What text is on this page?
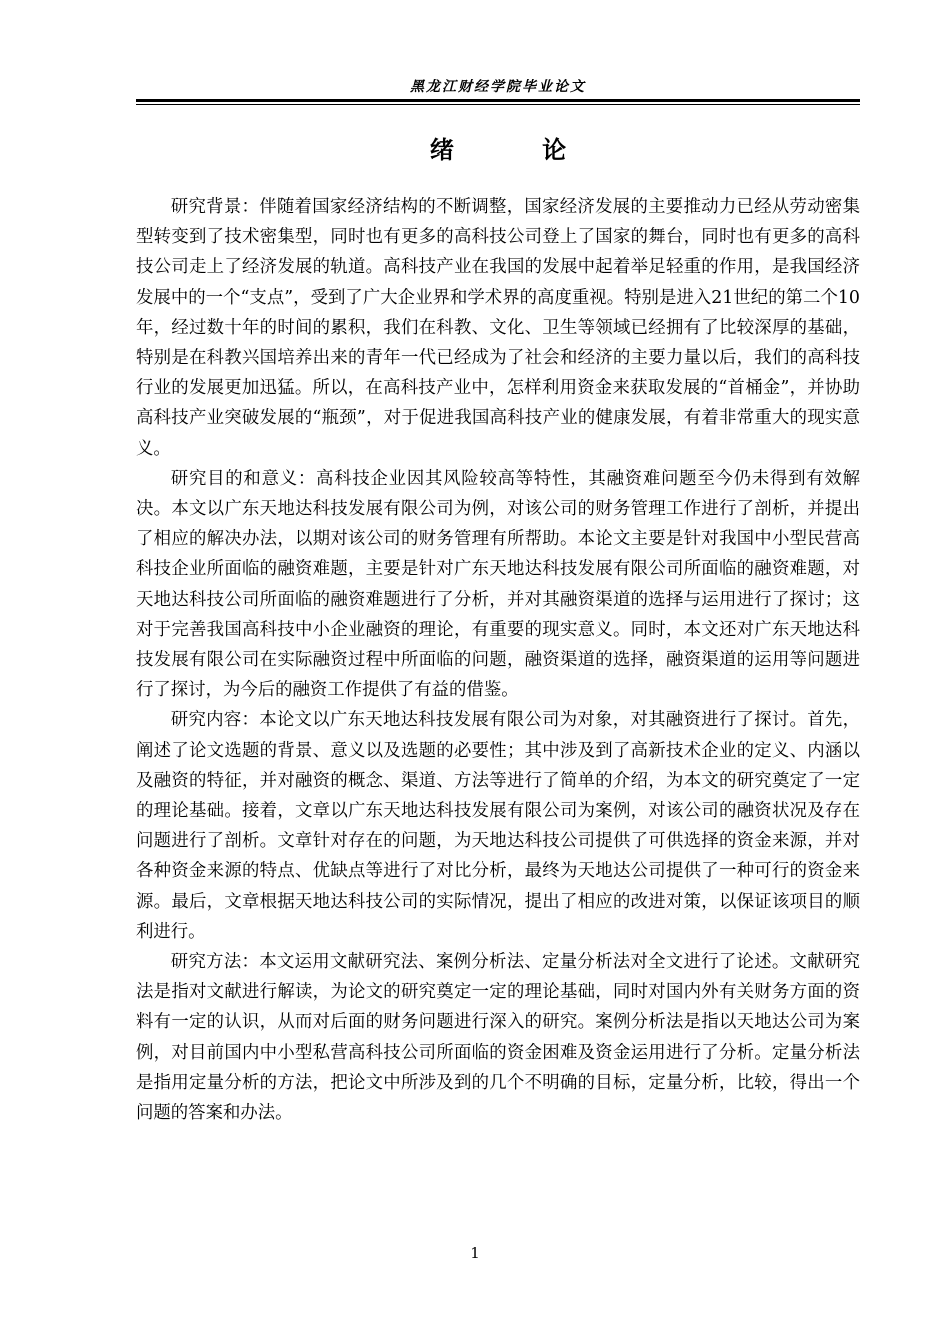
黑龙江财经学院毕业论文
绪 论

研究背景：伴随着国家经济结构的不断调整，国家经济发展的主要推动力已经从劳动密集型转变到了技术密集型，同时也有更多的高科技公司登上了国家的舞台，同时也有更多的高科技公司走上了经济发展的轨道。高科技产业在我国的发展中起着举足轻重的作用，是我国经济发展中的一个“支点”，受到了广大企业界和学术界的高度重视。特别是进入21世纪的第二个10年，经过数十年的时间的累积，我们在科教、文化、卫生等领域已经拥有了比较深厚的基础，特别是在科教兴国培养出来的青年一代已经成为了社会和经济的主要力量以后，我们的高科技行业的发展更加迅猛。所以，在高科技产业中，怎样利用资金来获取发展的“首桶金”，并协助高科技产业突破发展的“瓶颈”，对于促进我国高科技产业的健康发展，有着非常重大的现实意义。

研究目的和意义：高科技企业因其风险较高等特性，其融资难问题至今仍未得到有效解决。本文以广东天地达科技发展有限公司为例，对该公司的财务管理工作进行了剖析，并提出了相应的解决办法，以期对该公司的财务管理有所帮助。本论文主要是针对我国中小型民营高科技企业所面临的融资难题，主要是针对广东天地达科技发展有限公司所面临的融资难题，对天地达科技公司所面临的融资难题进行了分析，并对其融资渠道的选择与运用进行了探讨；这对于完善我国高科技中小企业融资的理论，有重要的现实意义。同时，本文还对广东天地达科技发展有限公司在实际融资过程中所面临的问题，融资渠道的选择，融资渠道的运用等问题进行了探讨，为今后的融资工作提供了有益的借鉴。

研究内容：本论文以广东天地达科技发展有限公司为对象，对其融资进行了探讨。首先，阐述了论文选题的背景、意义以及选题的必要性；其中涉及到了高新技术企业的定义、内涵以及融资的特征，并对融资的概念、渠道、方法等进行了简单的介绍，为本文的研究奠定了一定的理论基础。接着，文章以广东天地达科技发展有限公司为案例，对该公司的融资状况及存在问题进行了剖析。文章针对存在的问题，为天地达科技公司提供了可供选择的资金来源，并对各种资金来源的特点、优缺点等进行了对比分析，最终为天地达公司提供了一种可行的资金来源。最后，文章根据天地达科技公司的实际情况，提出了相应的改进对策，以保证该项目的顺利进行。

研究方法：本文运用文献研究法、案例分析法、定量分析法对全文进行了论述。文献研究法是指对文献进行解读，为论文的研究奠定一定的理论基础，同时对国内外有关财务方面的资料有一定的认识，从而对后面的财务问题进行深入的研究。案例分析法是指以天地达公司为案例，对目前国内中小型私营高科技公司所面临的资金困难及资金运用进行了分析。定量分析法是指用定量分析的方法，把论文中所涉及到的几个不明确的目标，定量分析，比较，得出一个问题的答案和办法。

1
